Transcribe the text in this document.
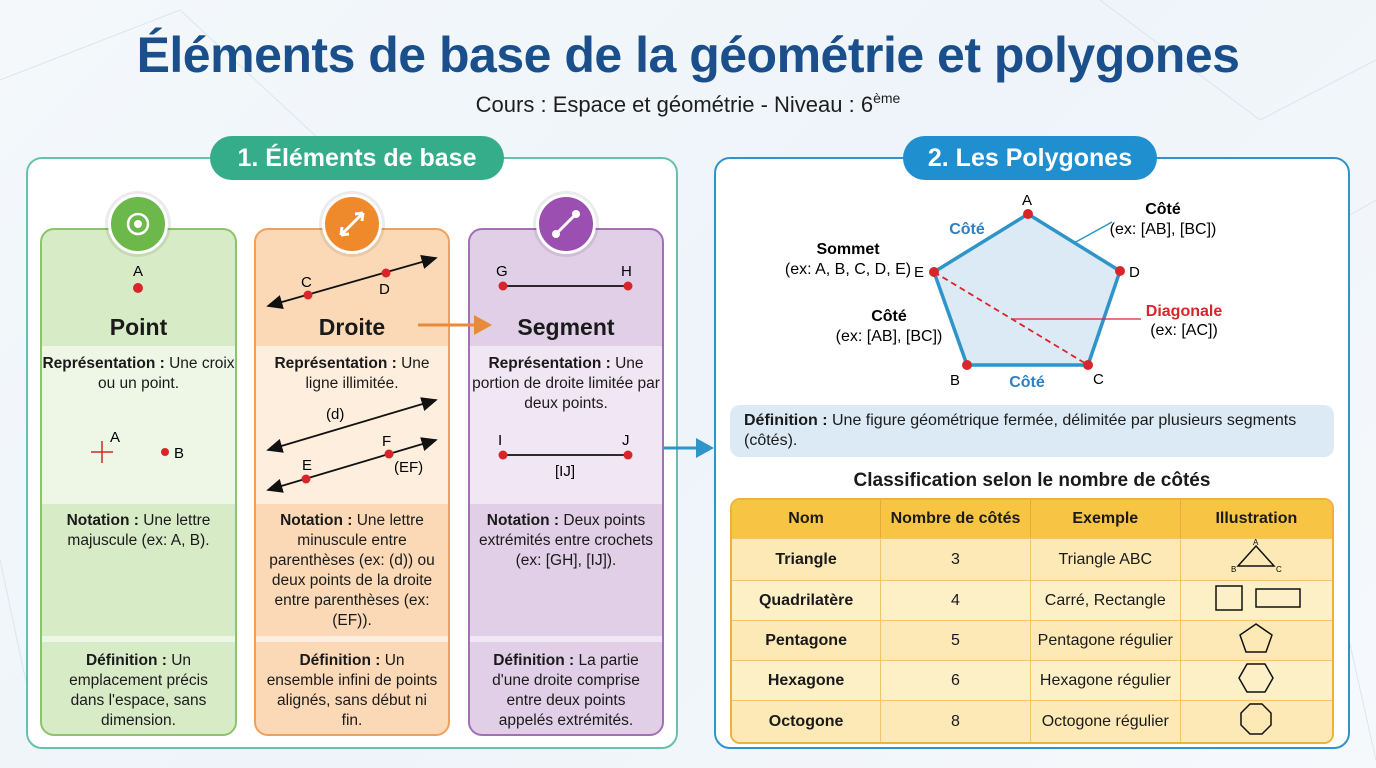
Éléments de base de la géométrie et polygones
Cours : Espace et géométrie - Niveau : 6ème
1. Éléments de base
Point
Représentation : Une croix ou un point.
Notation : Une lettre majuscule (ex: A, B).
Définition : Un emplacement précis dans l'espace, sans dimension.
Droite
Représentation : Une ligne illimitée.
Notation : Une lettre minuscule entre parenthèses (ex: (d)) ou deux points de la droite entre parenthèses (ex: (EF)).
Définition : Un ensemble infini de points alignés, sans début ni fin.
Segment
Représentation : Une portion de droite limitée par deux points.
Notation : Deux points extrémités entre crochets (ex: [GH], [IJ]).
Définition : La partie d'une droite comprise entre deux points appelés extrémités.
A
A
B
C	D
(d)
F
E	(EF)
G	H
I	J
[IJ]
2. Les Polygones
A
B	C
D
E
Côté
Côté
(ex: [AB], [BC])
Sommet
(ex: A, B, C, D, E)
Côté
(ex: [AB], [BC])
Côté
Diagonale
(ex: [AC])
Définition : Une figure géométrique fermée, délimitée par plusieurs segments (côtés).
Classification selon le nombre de côtés
Nom	Nombre de côtés	Exemple	Illustration
Triangle	3	Triangle ABC	A
B C

Quadrilatère	4	Carré, Rectangle	
Pentagone	5	Pentagone régulier	
Hexagone	6	Hexagone régulier	
Octogone	8	Octogone régulier	
